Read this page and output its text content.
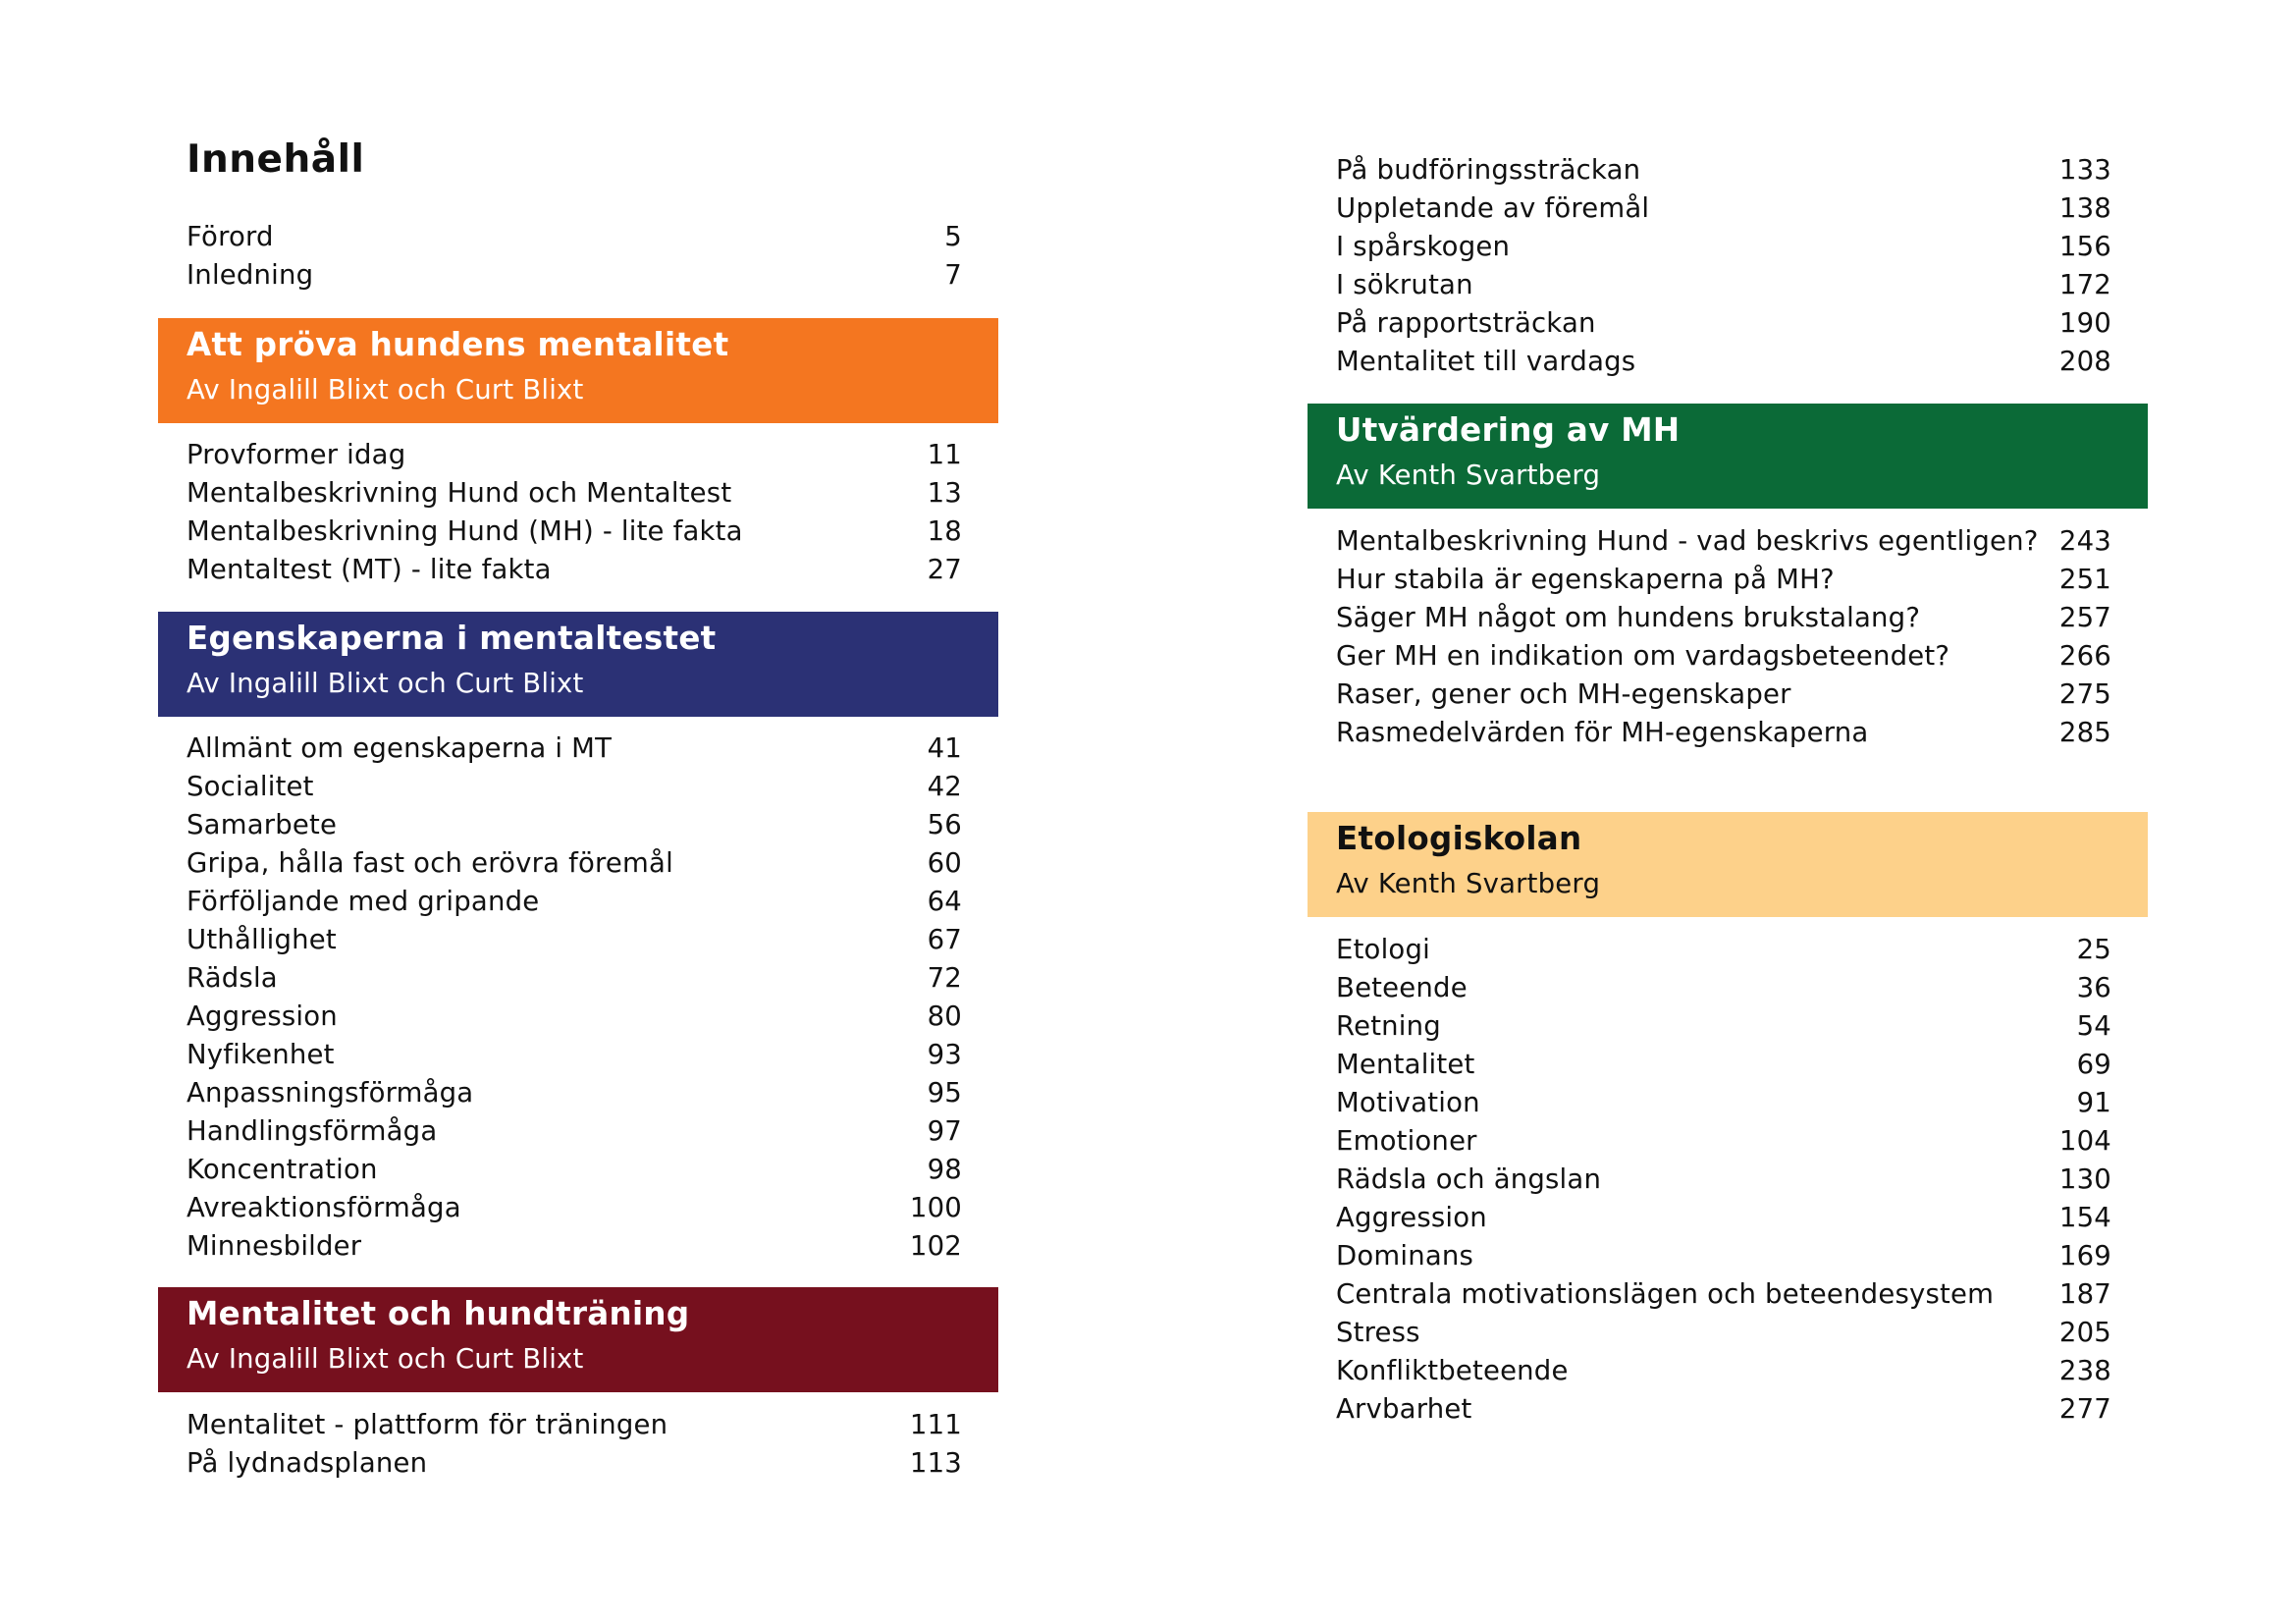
Innehåll
Förord	5
Inledning	7
Att pröva hundens mentalitet
Av Ingalill Blixt och Curt Blixt
Provformer idag	11
Mentalbeskrivning Hund och Mentaltest	13
Mentalbeskrivning Hund (MH) - lite fakta	18
Mentaltest (MT) - lite fakta	27
Egenskaperna i mentaltestet
Av Ingalill Blixt och Curt Blixt
Allmänt om egenskaperna i MT	41
Socialitet	42
Samarbete	56
Gripa, hålla fast och erövra föremål	60
Förföljande med gripande	64
Uthållighet	67
Rädsla	72
Aggression	80
Nyfikenhet	93
Anpassningsförmåga	95
Handlingsförmåga	97
Koncentration	98
Avreaktionsförmåga	100
Minnesbilder	102
Mentalitet och hundträning
Av Ingalill Blixt och Curt Blixt
Mentalitet - plattform för träningen	111
På lydnadsplanen	113
På budföringssträckan	133
Uppletande av föremål	138
I spårskogen	156
I sökrutan	172
På rapportsträckan	190
Mentalitet till vardags	208
Utvärdering av MH
Av Kenth Svartberg
Mentalbeskrivning Hund - vad beskrivs egentligen? 243
Hur stabila är egenskaperna på MH?	251
Säger MH något om hundens brukstalang?	257
Ger MH en indikation om vardagsbeteendet?	266
Raser, gener och MH-egenskaper	275
Rasmedelvärden för MH-egenskaperna	285
Etologiskolan
Av Kenth Svartberg
Etologi	25
Beteende	36
Retning	54
Mentalitet	69
Motivation	91
Emotioner	104
Rädsla och ängslan	130
Aggression	154
Dominans	169
Centrala motivationslägen och beteendesystem 187
Stress	205
Konfliktbeteende	238
Arvbarhet	277
